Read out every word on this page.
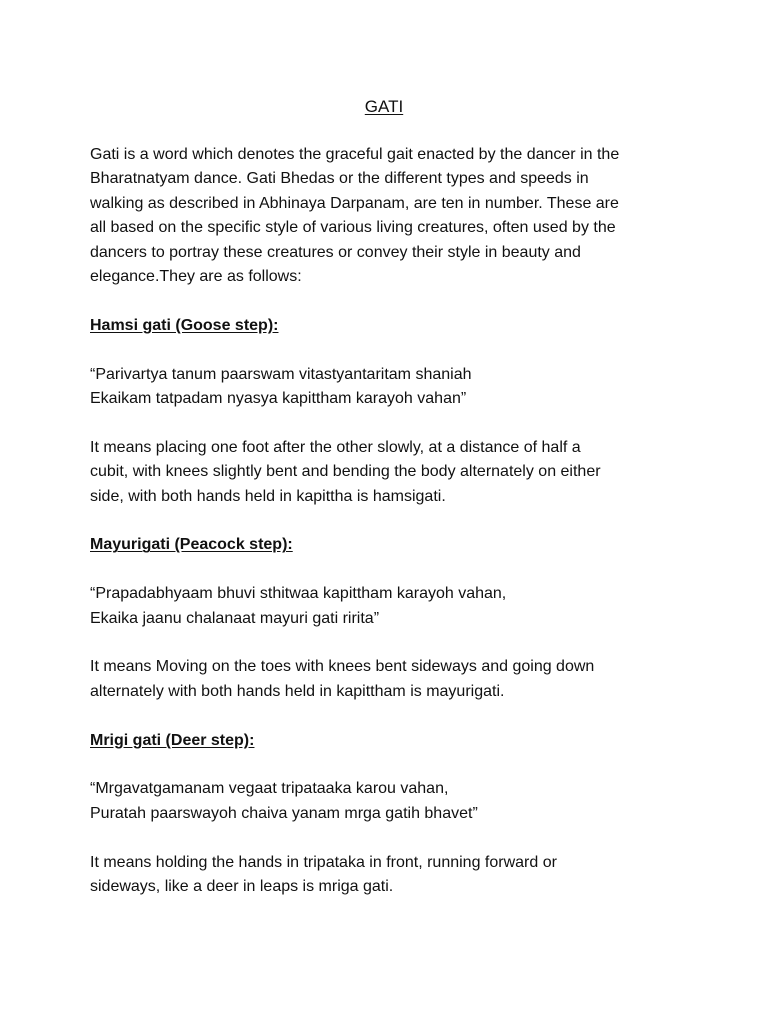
GATI

Gati is a word which denotes the graceful gait enacted by the dancer in the
Bharatnatyam dance. Gati Bhedas or the different types and speeds in
walking as described in Abhinaya Darpanam, are ten in number. These are
all based on the specific style of various living creatures, often used by the
dancers to portray these creatures or convey their style in beauty and
elegance.They are as follows:

Hamsi gati (Goose step):

“Parivartya tanum paarswam vitastyantaritam shaniah
Ekaikam tatpadam nyasya kapittham karayoh vahan”

It means placing one foot after the other slowly, at a distance of half a
cubit, with knees slightly bent and bending the body alternately on either
side, with both hands held in kapittha is hamsigati.

Mayurigati (Peacock step):

“Prapadabhyaam bhuvi sthitwaa kapittham karayoh vahan,
Ekaika jaanu chalanaat mayuri gati ririta”

It means Moving on the toes with knees bent sideways and going down
alternately with both hands held in kapittham is mayurigati.

Mrigi gati (Deer step):

“Mrgavatgamanam vegaat tripataaka karou vahan,
Puratah paarswayoh chaiva yanam mrga gatih bhavet”

It means holding the hands in tripataka in front, running forward or
sideways, like a deer in leaps is mriga gati.
